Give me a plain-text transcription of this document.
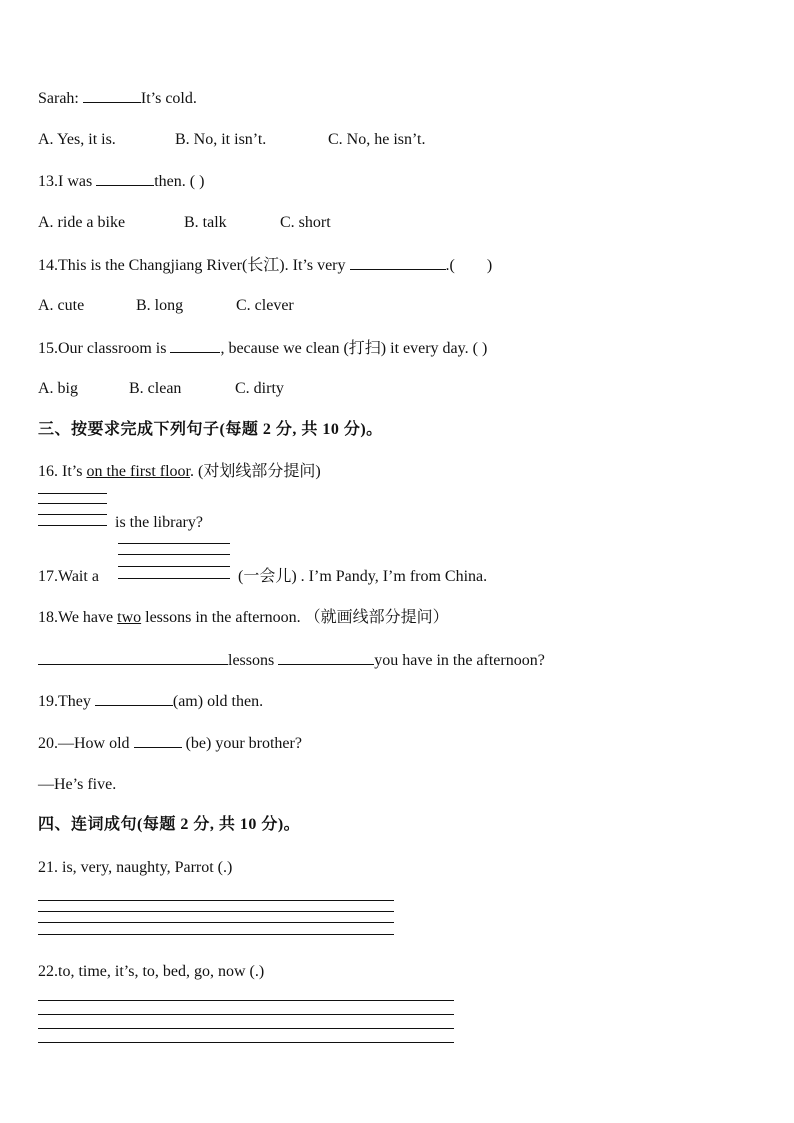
Sarah:	It’s cold.
A. Yes, it is.	B. No, it isn’t.	C. No, he isn’t.
13.I was	then. ( )
A. ride a bike	B. talk	C. short
14.This is the Changjiang River(长江). It’s very	.( )
A. cute	B. long	C. clever
15.Our classroom is	, because we clean (打扫) it every day. ( )
A. big	B. clean	C. dirty
三、按要求完成下列句子(每题 2 分, 共 10 分)。
16. It’s on the first floor. (对划线部分提问)
is the library?
17.Wait a	(一会儿) . I’m Pandy, I’m from China.
18.We have two lessons in the afternoon. （就画线部分提问）
lessons	you have in the afternoon?
19.They	(am) old then.
20.—How old	(be) your brother?
—He’s five.
四、连词成句(每题 2 分, 共 10 分)。
21. is, very, naughty, Parrot (.)
22.to, time, it’s, to, bed, go, now (.)
